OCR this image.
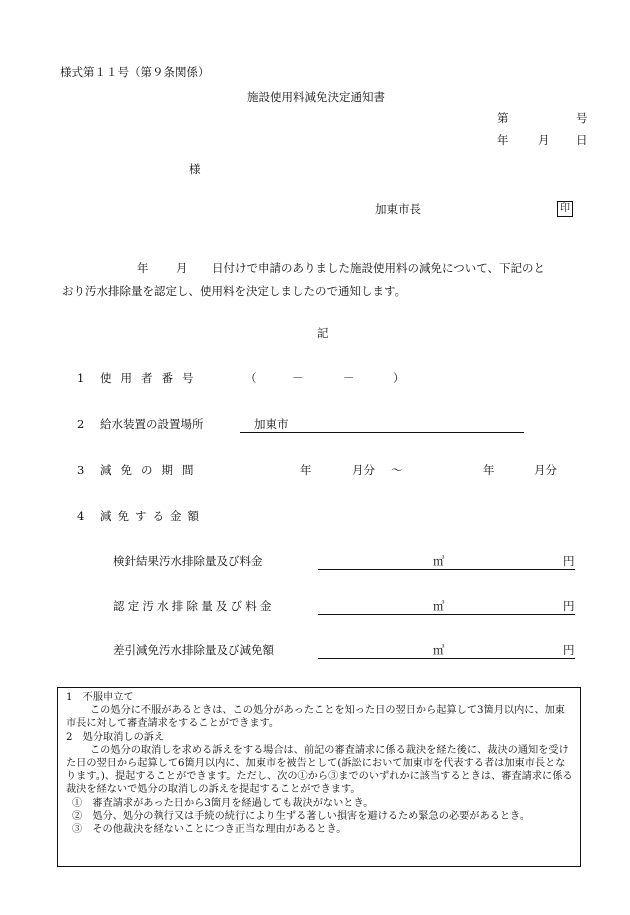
様式第１１号（第９条関係）
施設使用料減免決定通知書
第	号
年	月 日
様
加東市長	印
年 月 日付けで申請のありました施設使用料の減免について、下記のと
おり汚水排除量を認定し、使用料を決定しましたので通知します。
記
1 使用者番号	（	－	－	）
2 給水装置の設置場所	加東市
3 減免の期間	年	月分 ～	年	月分
4 減免する金額
検針結果汚水排除量及び料金	㎥	円
認定汚水排除量及び料金	㎥	円
差引減免汚水排除量及び減免額	㎥	円

1　不服申立て

この処分に不服があるときは、この処分があったことを知った日の翌日から起算して3箇月以内に、加東市長に対して審査請求をすることができます。

2　処分取消しの訴え

この処分の取消しを求める訴えをする場合は、前記の審査請求に係る裁決を経た後に、裁決の通知を受けた日の翌日から起算して6箇月以内に、加東市を被告として(訴訟において加東市を代表する者は加東市長となります。)、提起することができます。ただし、次の①から③までのいずれかに該当するときは、審査請求に係る裁決を経ないで処分の取消しの訴えを提起することができます。

①　審査請求があった日から3箇月を経過しても裁決がないとき。

②　処分、処分の執行又は手続の続行により生ずる著しい損害を避けるため緊急の必要があるとき。

③　その他裁決を経ないことにつき正当な理由があるとき。
